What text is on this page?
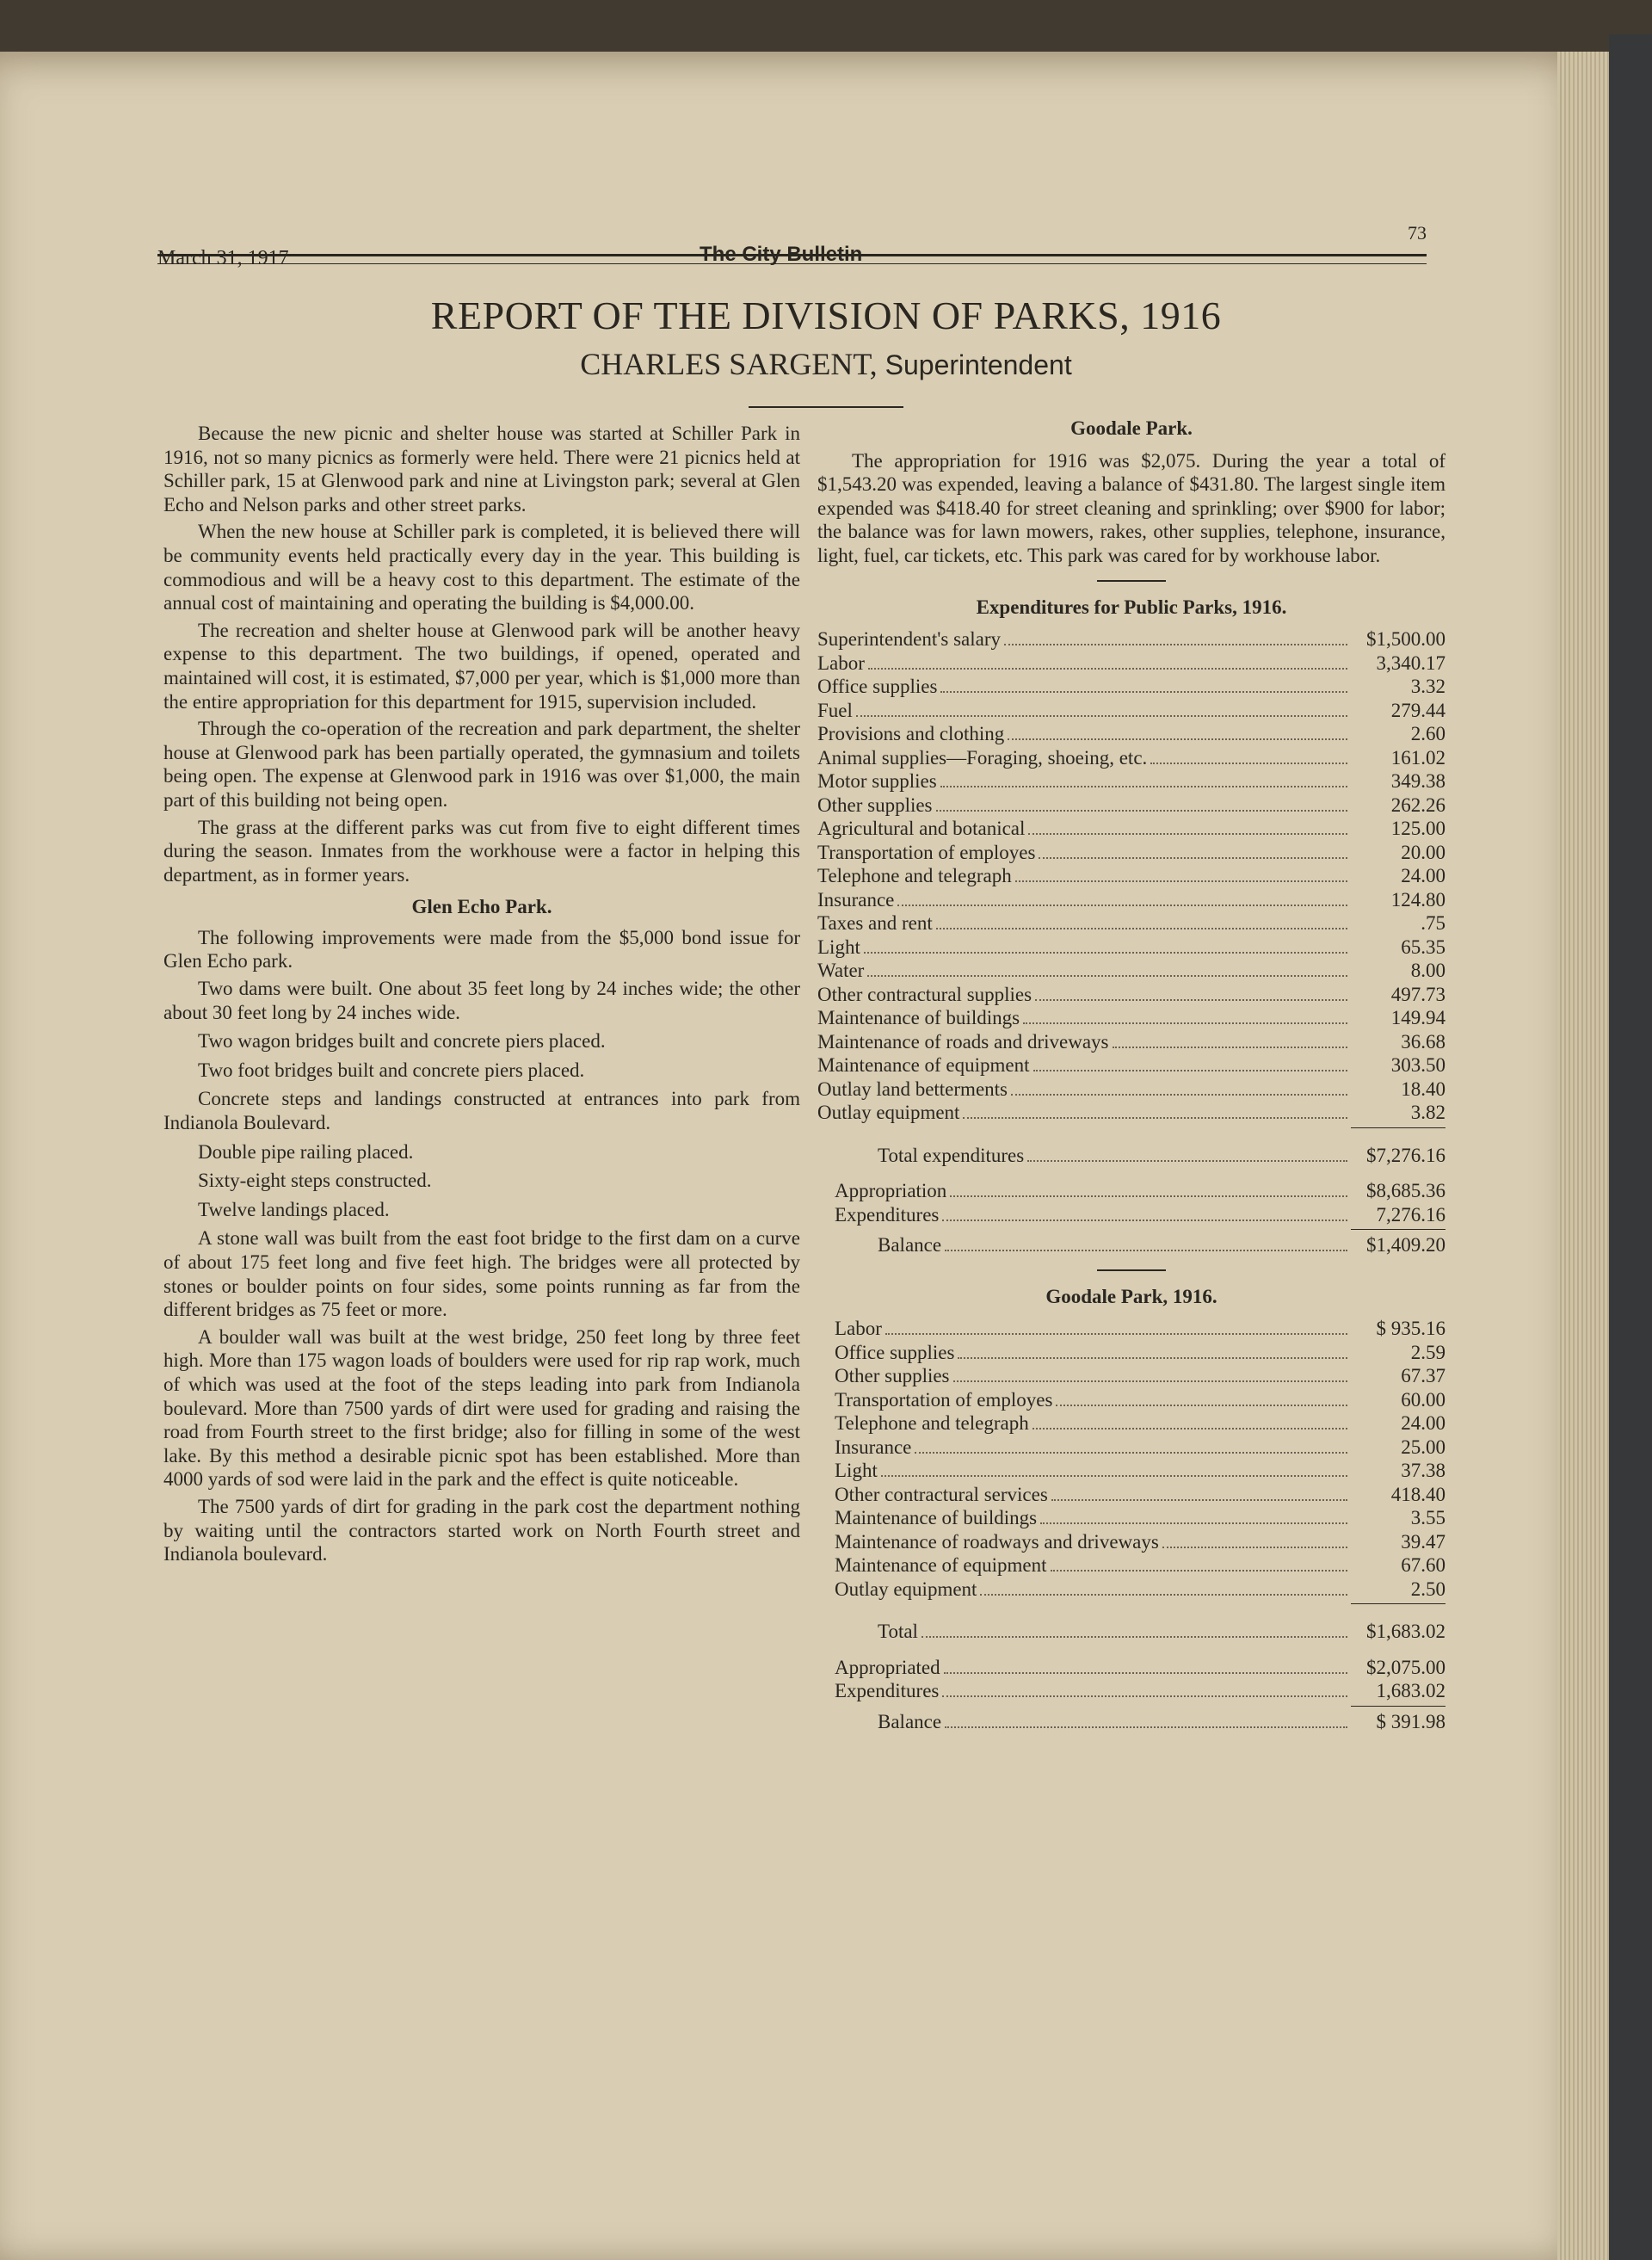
March 31, 1917	The City Bulletin
73
REPORT OF THE DIVISION OF PARKS, 1916
CHARLES SARGENT, Superintendent

Because the new picnic and shelter house was started at Schiller Park in 1916, not so many picnics as formerly were held. There were 21 picnics held at Schiller park, 15 at Glenwood park and nine at Livingston park; several at Glen Echo and Nelson parks and other street parks.

When the new house at Schiller park is completed, it is believed there will be community events held practically every day in the year. This building is commodious and will be a heavy cost to this department. The estimate of the annual cost of maintaining and operating the building is $4,000.00.

The recreation and shelter house at Glenwood park will be another heavy expense to this department. The two buildings, if opened, operated and maintained will cost, it is estimated, $7,000 per year, which is $1,000 more than the entire appropriation for this department for 1915, supervision included.

Through the co-operation of the recreation and park department, the shelter house at Glenwood park has been partially operated, the gymnasium and toilets being open. The expense at Glenwood park in 1916 was over $1,000, the main part of this building not being open.

The grass at the different parks was cut from five to eight different times during the season. Inmates from the workhouse were a factor in helping this department, as in former years.

Glen Echo Park.

The following improvements were made from the $5,000 bond issue for Glen Echo park.

Two dams were built. One about 35 feet long by 24 inches wide; the other about 30 feet long by 24 inches wide.

Two wagon bridges built and concrete piers placed.

Two foot bridges built and concrete piers placed.

Concrete steps and landings constructed at entrances into park from Indianola Boulevard.

Double pipe railing placed.

Sixty-eight steps constructed.

Twelve landings placed.

A stone wall was built from the east foot bridge to the first dam on a curve of about 175 feet long and five feet high. The bridges were all protected by stones or boulder points on four sides, some points running as far from the different bridges as 75 feet or more.

A boulder wall was built at the west bridge, 250 feet long by three feet high. More than 175 wagon loads of boulders were used for rip rap work, much of which was used at the foot of the steps leading into park from Indianola boulevard. More than 7500 yards of dirt were used for grading and raising the road from Fourth street to the first bridge; also for filling in some of the west lake. By this method a desirable picnic spot has been established. More than 4000 yards of sod were laid in the park and the effect is quite noticeable.

The 7500 yards of dirt for grading in the park cost the department nothing by waiting until the contractors started work on North Fourth street and Indianola boulevard.

Goodale Park.

The appropriation for 1916 was $2,075. During the year a total of $1,543.20 was expended, leaving a balance of $431.80. The largest single item expended was $418.40 for street cleaning and sprinkling; over $900 for labor; the balance was for lawn mowers, rakes, other supplies, telephone, insurance, light, fuel, car tickets, etc. This park was cared for by workhouse labor.

Expenditures for Public Parks, 1916.
Superintendent's salary	$1,500.00
Labor	3,340.17
Office supplies	3.32
Fuel	279.44
Provisions and clothing	2.60
Animal supplies—Foraging, shoeing, etc.	161.02
Motor supplies	349.38
Other supplies	262.26
Agricultural and botanical	125.00
Transportation of employes	20.00
Telephone and telegraph	24.00
Insurance	124.80
Taxes and rent	.75
Light	65.35
Water	8.00
Other contractural supplies	497.73
Maintenance of buildings	149.94
Maintenance of roads and driveways	36.68
Maintenance of equipment	303.50
Outlay land betterments	18.40
Outlay equipment	3.82
Total expenditures	$7,276.16
Appropriation	$8,685.36
Expenditures	7,276.16
Balance	$1,409.20
Goodale Park, 1916.
Labor	$ 935.16
Office supplies	2.59
Other supplies	67.37
Transportation of employes	60.00
Telephone and telegraph	24.00
Insurance	25.00
Light	37.38
Other contractural services	418.40
Maintenance of buildings	3.55
Maintenance of roadways and driveways	39.47
Maintenance of equipment	67.60
Outlay equipment	2.50
Total	$1,683.02
Appropriated	$2,075.00
Expenditures	1,683.02
Balance	$ 391.98
